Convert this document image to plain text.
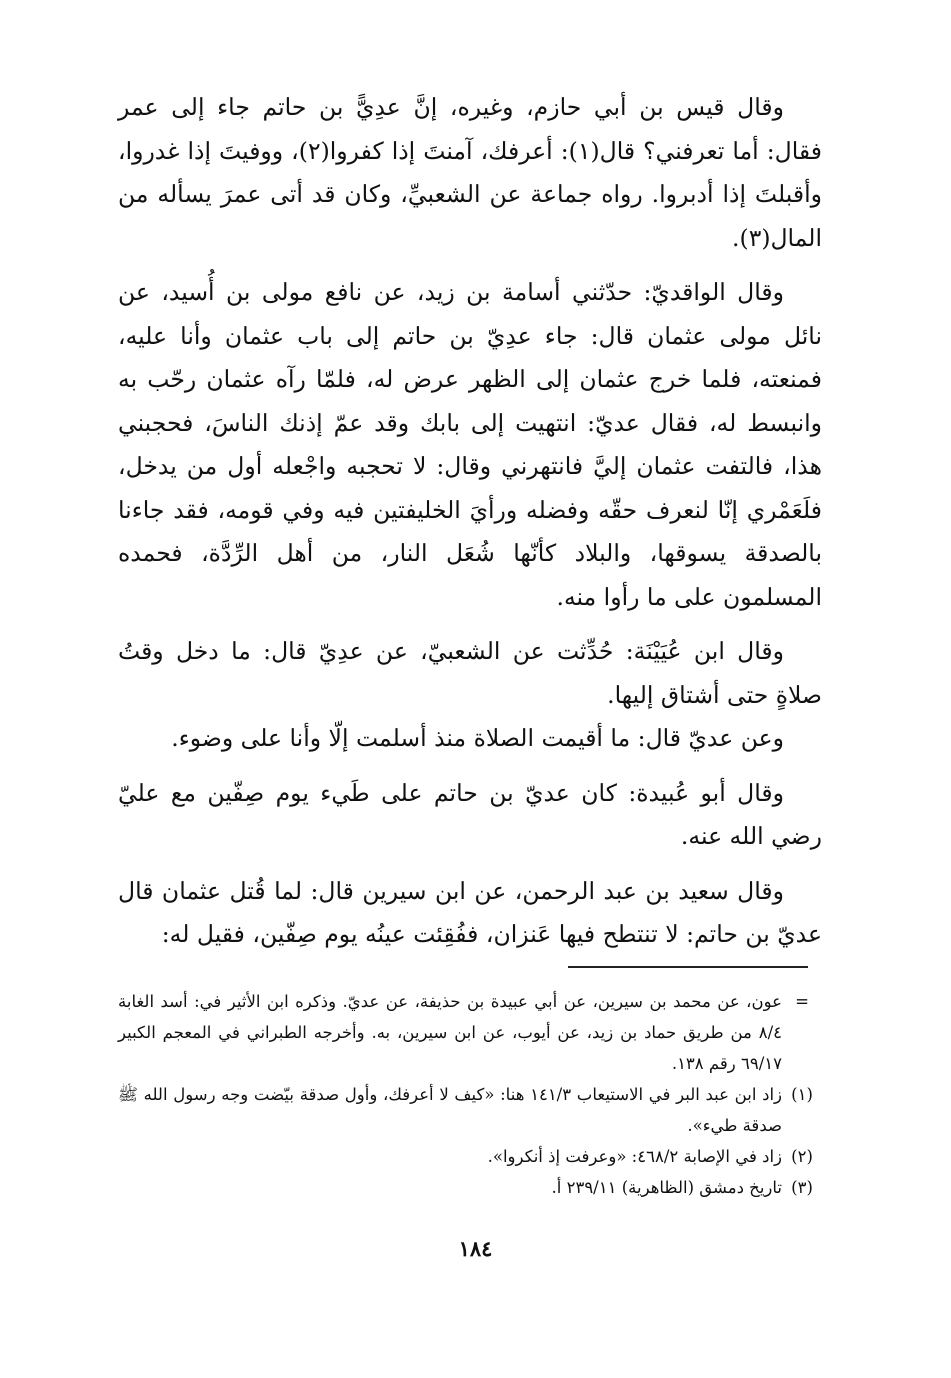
وقال قيس بن أبي حازم، وغيره، إنَّ عدِيًّ بن حاتم جاء إلى عمر فقال: أما تعرفني؟ قال(١): أعرفك، آمنتَ إذا كفروا(٢)، ووفيتَ إذا غدروا، وأقبلتَ إذا أدبروا. رواه جماعة عن الشعبيِّ، وكان قد أتى عمرَ يسأله من المال(٣).

وقال الواقديّ: حدّثني أسامة بن زيد، عن نافع مولى بن أُسيد، عن نائل مولى عثمان قال: جاء عدِيّ بن حاتم إلى باب عثمان وأنا عليه، فمنعته، فلما خرج عثمان إلى الظهر عرض له، فلمّا رآه عثمان رحّب به وانبسط له، فقال عديّ: انتهيت إلى بابك وقد عمّ إذنك الناسَ، فحجبني هذا، فالتفت عثمان إليَّ فانتهرني وقال: لا تحجبه واجْعله أول من يدخل، فلَعَمْري إنّا لنعرف حقّه وفضله ورأيَ الخليفتين فيه وفي قومه، فقد جاءنا بالصدقة يسوقها، والبلاد كأنّها شُعَل النار، من أهل الرِّدَّة، فحمده المسلمون على ما رأوا منه.

وقال ابن عُيَيْنَة: حُدِّثت عن الشعبيّ، عن عدِيّ قال: ما دخل وقتُ صلاةٍ حتى أشتاق إليها.

وعن عديّ قال: ما أقيمت الصلاة منذ أسلمت إلّا وأنا على وضوء.

وقال أبو عُبيدة: كان عديّ بن حاتم على طَيء يوم صِفّين مع عليّ رضي الله عنه.

وقال سعيد بن عبد الرحمن، عن ابن سيرين قال: لما قُتل عثمان قال عديّ بن حاتم: لا تنتطح فيها عَنزان، ففُقِئت عينُه يوم صِفّين، فقيل له:

=
عون، عن محمد بن سيرين، عن أبي عبيدة بن حذيفة، عن عديّ. وذكره ابن الأثير في: أسد الغابة ٨/٤ من طريق حماد بن زيد، عن أيوب، عن ابن سيرين، به. وأخرجه الطبراني في المعجم الكبير ٦٩/١٧ رقم ١٣٨.
(١)
زاد ابن عبد البر في الاستيعاب ١٤١/٣ هنا: «كيف لا أعرفك، وأول صدقة بيّضت وجه رسول الله ﷺ صدقة طيء».
(٢)
زاد في الإصابة ٤٦٨/٢: «وعرفت إذ أنكروا».
(٣)
تاريخ دمشق (الظاهرية) ٢٣٩/١١ أ.
١٨٤
